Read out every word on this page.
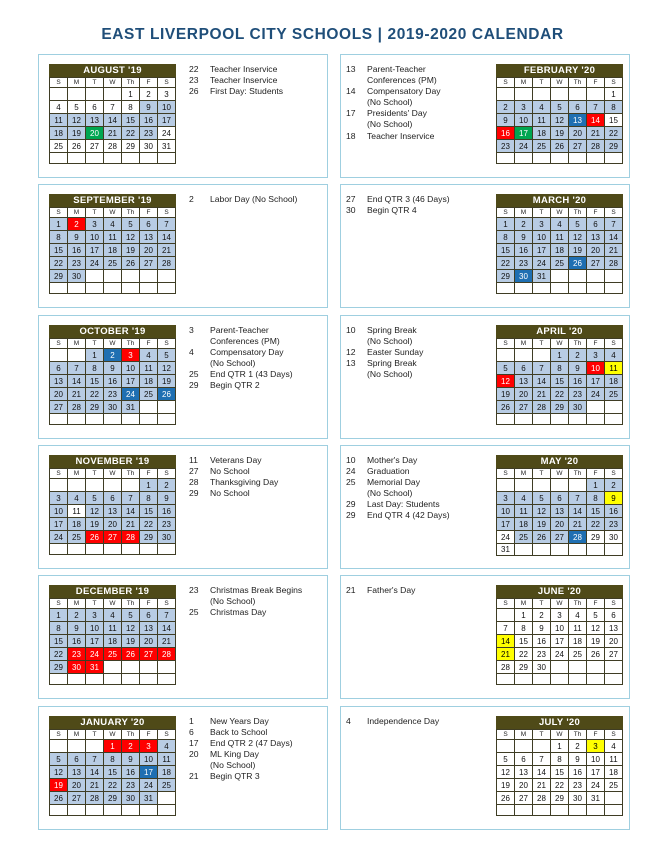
EAST LIVERPOOL CITY SCHOOLS | 2019-2020 CALENDAR
AUGUST '19
S	M	T	W	Th	F	S
				1	2	3
4	5	6	7	8	9	10
11	12	13	14	15	16	17
18	19	20	21	22	23	24
25	26	27	28	29	30	31

22	Teacher Inservice
23	Teacher Inservice
26	First Day: Students
13	Parent-Teacher
Conferences (PM)
14	Compensatory Day
(No School)
17	Presidents' Day
(No School)
18	Teacher Inservice
FEBRUARY '20
S	M	T	W	Th	F	S
						1
2	3	4	5	6	7	8
9	10	11	12	13	14	15
16	17	18	19	20	21	22
23	24	25	26	27	28	29

SEPTEMBER '19
S	M	T	W	Th	F	S
1	2	3	4	5	6	7
8	9	10	11	12	13	14
15	16	17	18	19	20	21
22	23	24	25	26	27	28
29	30					

2	Labor Day (No School)	27	End QTR 3 (46 Days)
30	Begin QTR 4
MARCH '20
S	M	T	W	Th	F	S
1	2	3	4	5	6	7
8	9	10	11	12	13	14
15	16	17	18	19	20	21
22	23	24	25	26	27	28
29	30	31				

OCTOBER '19
S	M	T	W	Th	F	S
		1	2	3	4	5
6	7	8	9	10	11	12
13	14	15	16	17	18	19
20	21	22	23	24	25	26
27	28	29	30	31		

3	Parent-Teacher
Conferences (PM)
4	Compensatory Day
(No School)
25	End QTR 1 (43 Days)
29	Begin QTR 2
10	Spring Break
(No School)
12	Easter Sunday
13	Spring Break
(No School)
APRIL '20
S	M	T	W	Th	F	S
			1	2	3	4
5	6	7	8	9	10	11
12	13	14	15	16	17	18
19	20	21	22	23	24	25
26	27	28	29	30		

NOVEMBER '19
S	M	T	W	Th	F	S
					1	2
3	4	5	6	7	8	9
10	11	12	13	14	15	16
17	18	19	20	21	22	23
24	25	26	27	28	29	30

11	Veterans Day
27	No School
28	Thanksgiving Day
29	No School
10	Mother's Day
24	Graduation
25	Memorial Day
(No School)
29	Last Day: Students
29	End QTR 4 (42 Days)
MAY '20
S	M	T	W	Th	F	S
					1	2
3	4	5	6	7	8	9
10	11	12	13	14	15	16
17	18	19	20	21	22	23
24	25	26	27	28	29	30
31						
DECEMBER '19
S	M	T	W	Th	F	S
1	2	3	4	5	6	7
8	9	10	11	12	13	14
15	16	17	18	19	20	21
22	23	24	25	26	27	28
29	30	31				

23	Christmas Break Begins
(No School)
25	Christmas Day
21	Father's Day	JUNE '20
S	M	T	W	Th	F	S
	1	2	3	4	5	6
7	8	9	10	11	12	13
14	15	16	17	18	19	20
21	22	23	24	25	26	27
28	29	30				

JANUARY '20
S	M	T	W	Th	F	S
			1	2	3	4
5	6	7	8	9	10	11
12	13	14	15	16	17	18
19	20	21	22	23	24	25
26	27	28	29	30	31	

1	New Years Day
6	Back to School
17	End QTR 2 (47 Days)
20	ML King Day
(No School)
21	Begin QTR 3
4	Independence Day	JULY '20
S	M	T	W	Th	F	S
			1	2	3	4
5	6	7	8	9	10	11
12	13	14	15	16	17	18
19	20	21	22	23	24	25
26	27	28	29	30	31	
